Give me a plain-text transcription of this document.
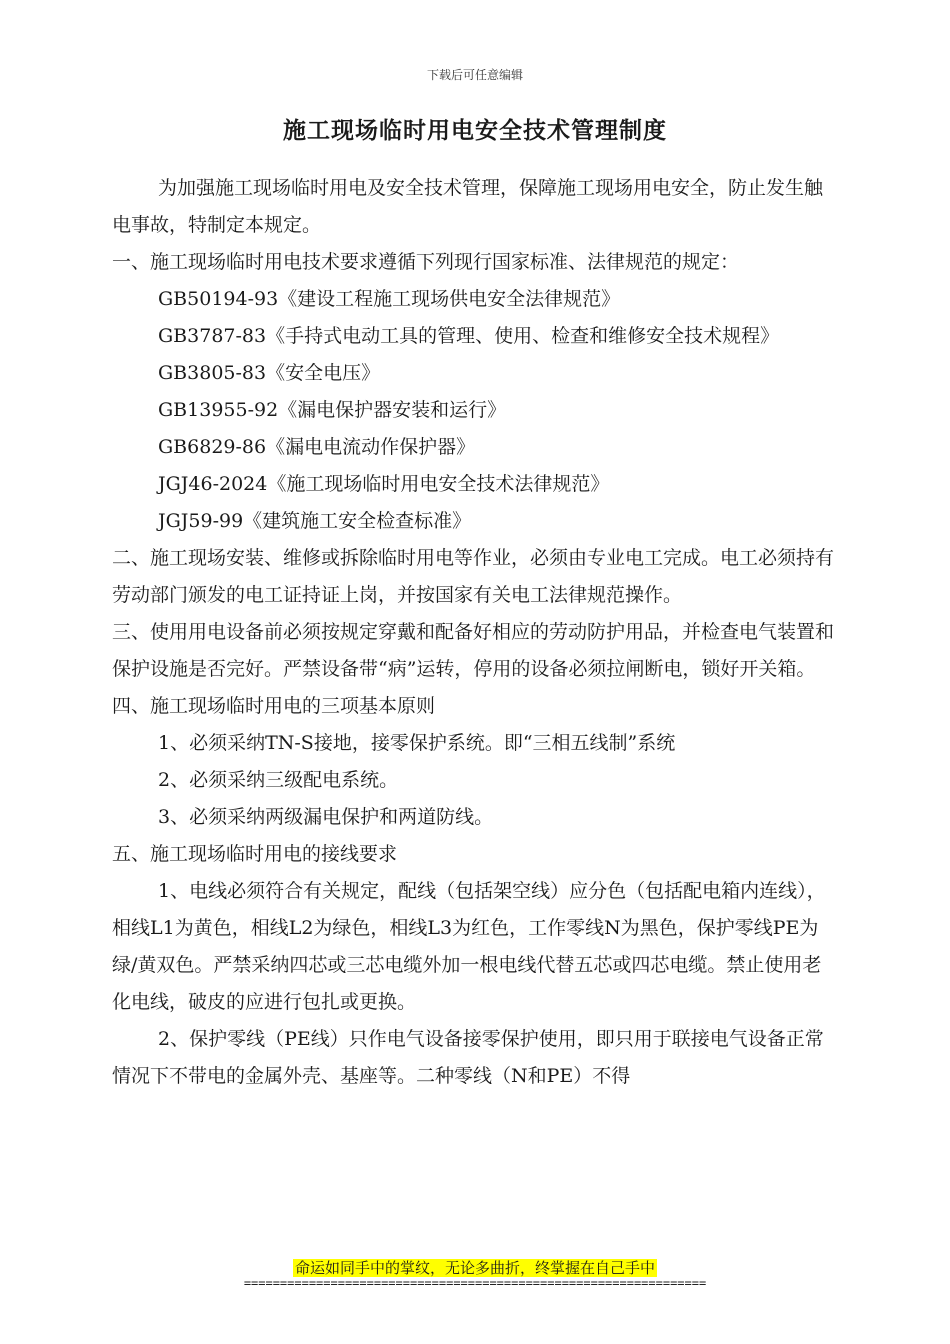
下载后可任意编辑
施工现场临时用电安全技术管理制度

为加强施工现场临时用电及安全技术管理，保障施工现场用电安全，防止发生触电事故，特制定本规定。

一、施工现场临时用电技术要求遵循下列现行国家标准、法律规范的规定：

GB50194-93《建设工程施工现场供电安全法律规范》

GB3787-83《手持式电动工具的管理、使用、检查和维修安全技术规程》

GB3805-83《安全电压》

GB13955-92《漏电保护器安装和运行》

GB6829-86《漏电电流动作保护器》

JGJ46-2024《施工现场临时用电安全技术法律规范》

JGJ59-99《建筑施工安全检查标准》

二、施工现场安装、维修或拆除临时用电等作业，必须由专业电工完成。电工必须持有劳动部门颁发的电工证持证上岗，并按国家有关电工法律规范操作。

三、使用用电设备前必须按规定穿戴和配备好相应的劳动防护用品，并检查电气装置和保护设施是否完好。严禁设备带“病”运转，停用的设备必须拉闸断电，锁好开关箱。

四、施工现场临时用电的三项基本原则

1、必须采纳TN-S接地，接零保护系统。即“三相五线制”系统

2、必须采纳三级配电系统。

3、必须采纳两级漏电保护和两道防线。

五、施工现场临时用电的接线要求

1、电线必须符合有关规定，配线（包括架空线）应分色（包括配电箱内连线），相线L1为黄色，相线L2为绿色，相线L3为红色，工作零线N为黑色，保护零线PE为绿/黄双色。严禁采纳四芯或三芯电缆外加一根电线代替五芯或四芯电缆。禁止使用老化电线，破皮的应进行包扎或更换。

2、保护零线（PE线）只作电气设备接零保护使用，即只用于联接电气设备正常情况下不带电的金属外壳、基座等。二种零线（N和PE）不得

命运如同手中的掌纹，无论多曲折，终掌握在自己手中
================================================================
